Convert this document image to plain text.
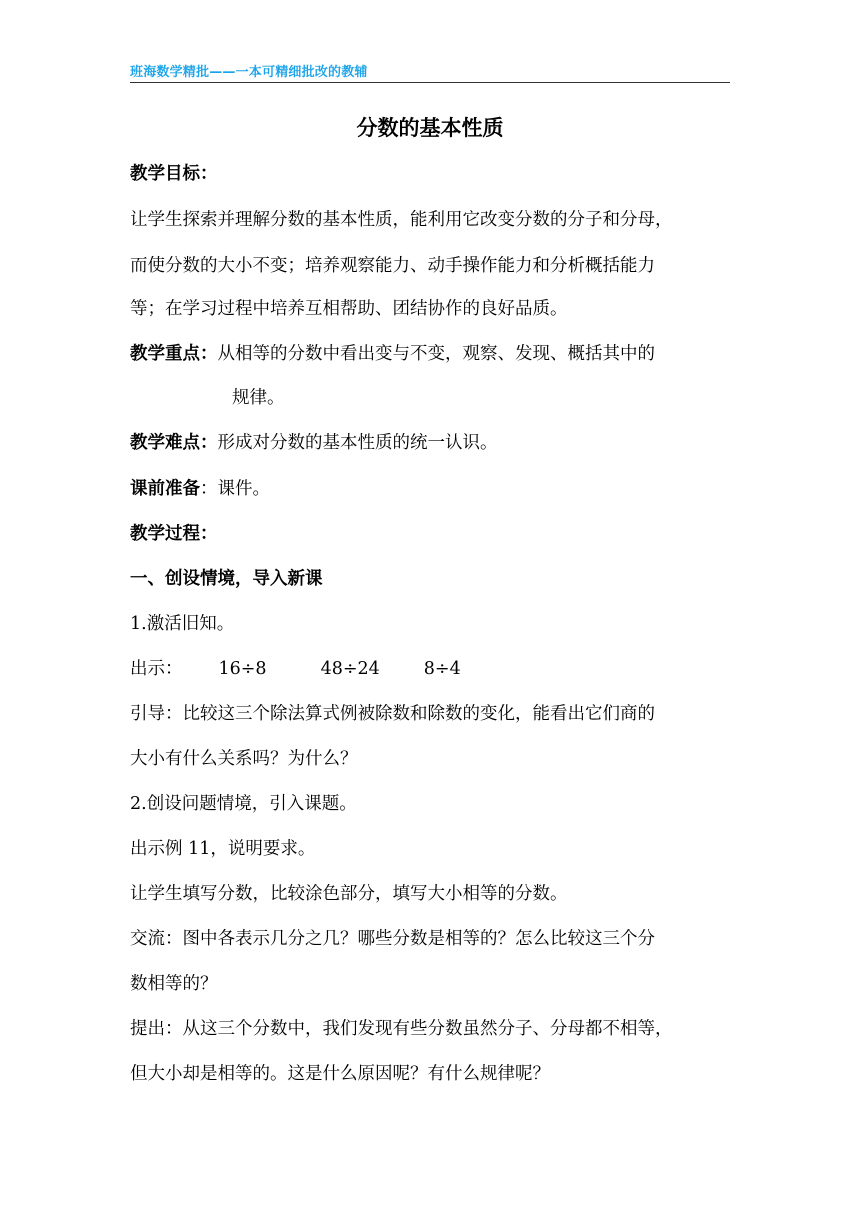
班海数学精批——一本可精细批改的教辅
分数的基本性质
教学目标：
让学生探索并理解分数的基本性质，能利用它改变分数的分子和分母，
而使分数的大小不变；培养观察能力、动手操作能力和分析概括能力
等；在学习过程中培养互相帮助、团结协作的良好品质。
教学重点：从相等的分数中看出变与不变，观察、发现、概括其中的
规律。
教学难点：形成对分数的基本性质的统一认识。
课前准备：课件。
教学过程：
一、创设情境，导入新课
1.激活旧知。
出示： 16÷8	48÷24	8÷4
引导：比较这三个除法算式例被除数和除数的变化，能看出它们商的
大小有什么关系吗？为什么？
2.创设问题情境，引入课题。
出示例 11，说明要求。
让学生填写分数，比较涂色部分，填写大小相等的分数。
交流：图中各表示几分之几？哪些分数是相等的？怎么比较这三个分
数相等的？
提出：从这三个分数中，我们发现有些分数虽然分子、分母都不相等，
但大小却是相等的。这是什么原因呢？有什么规律呢？
